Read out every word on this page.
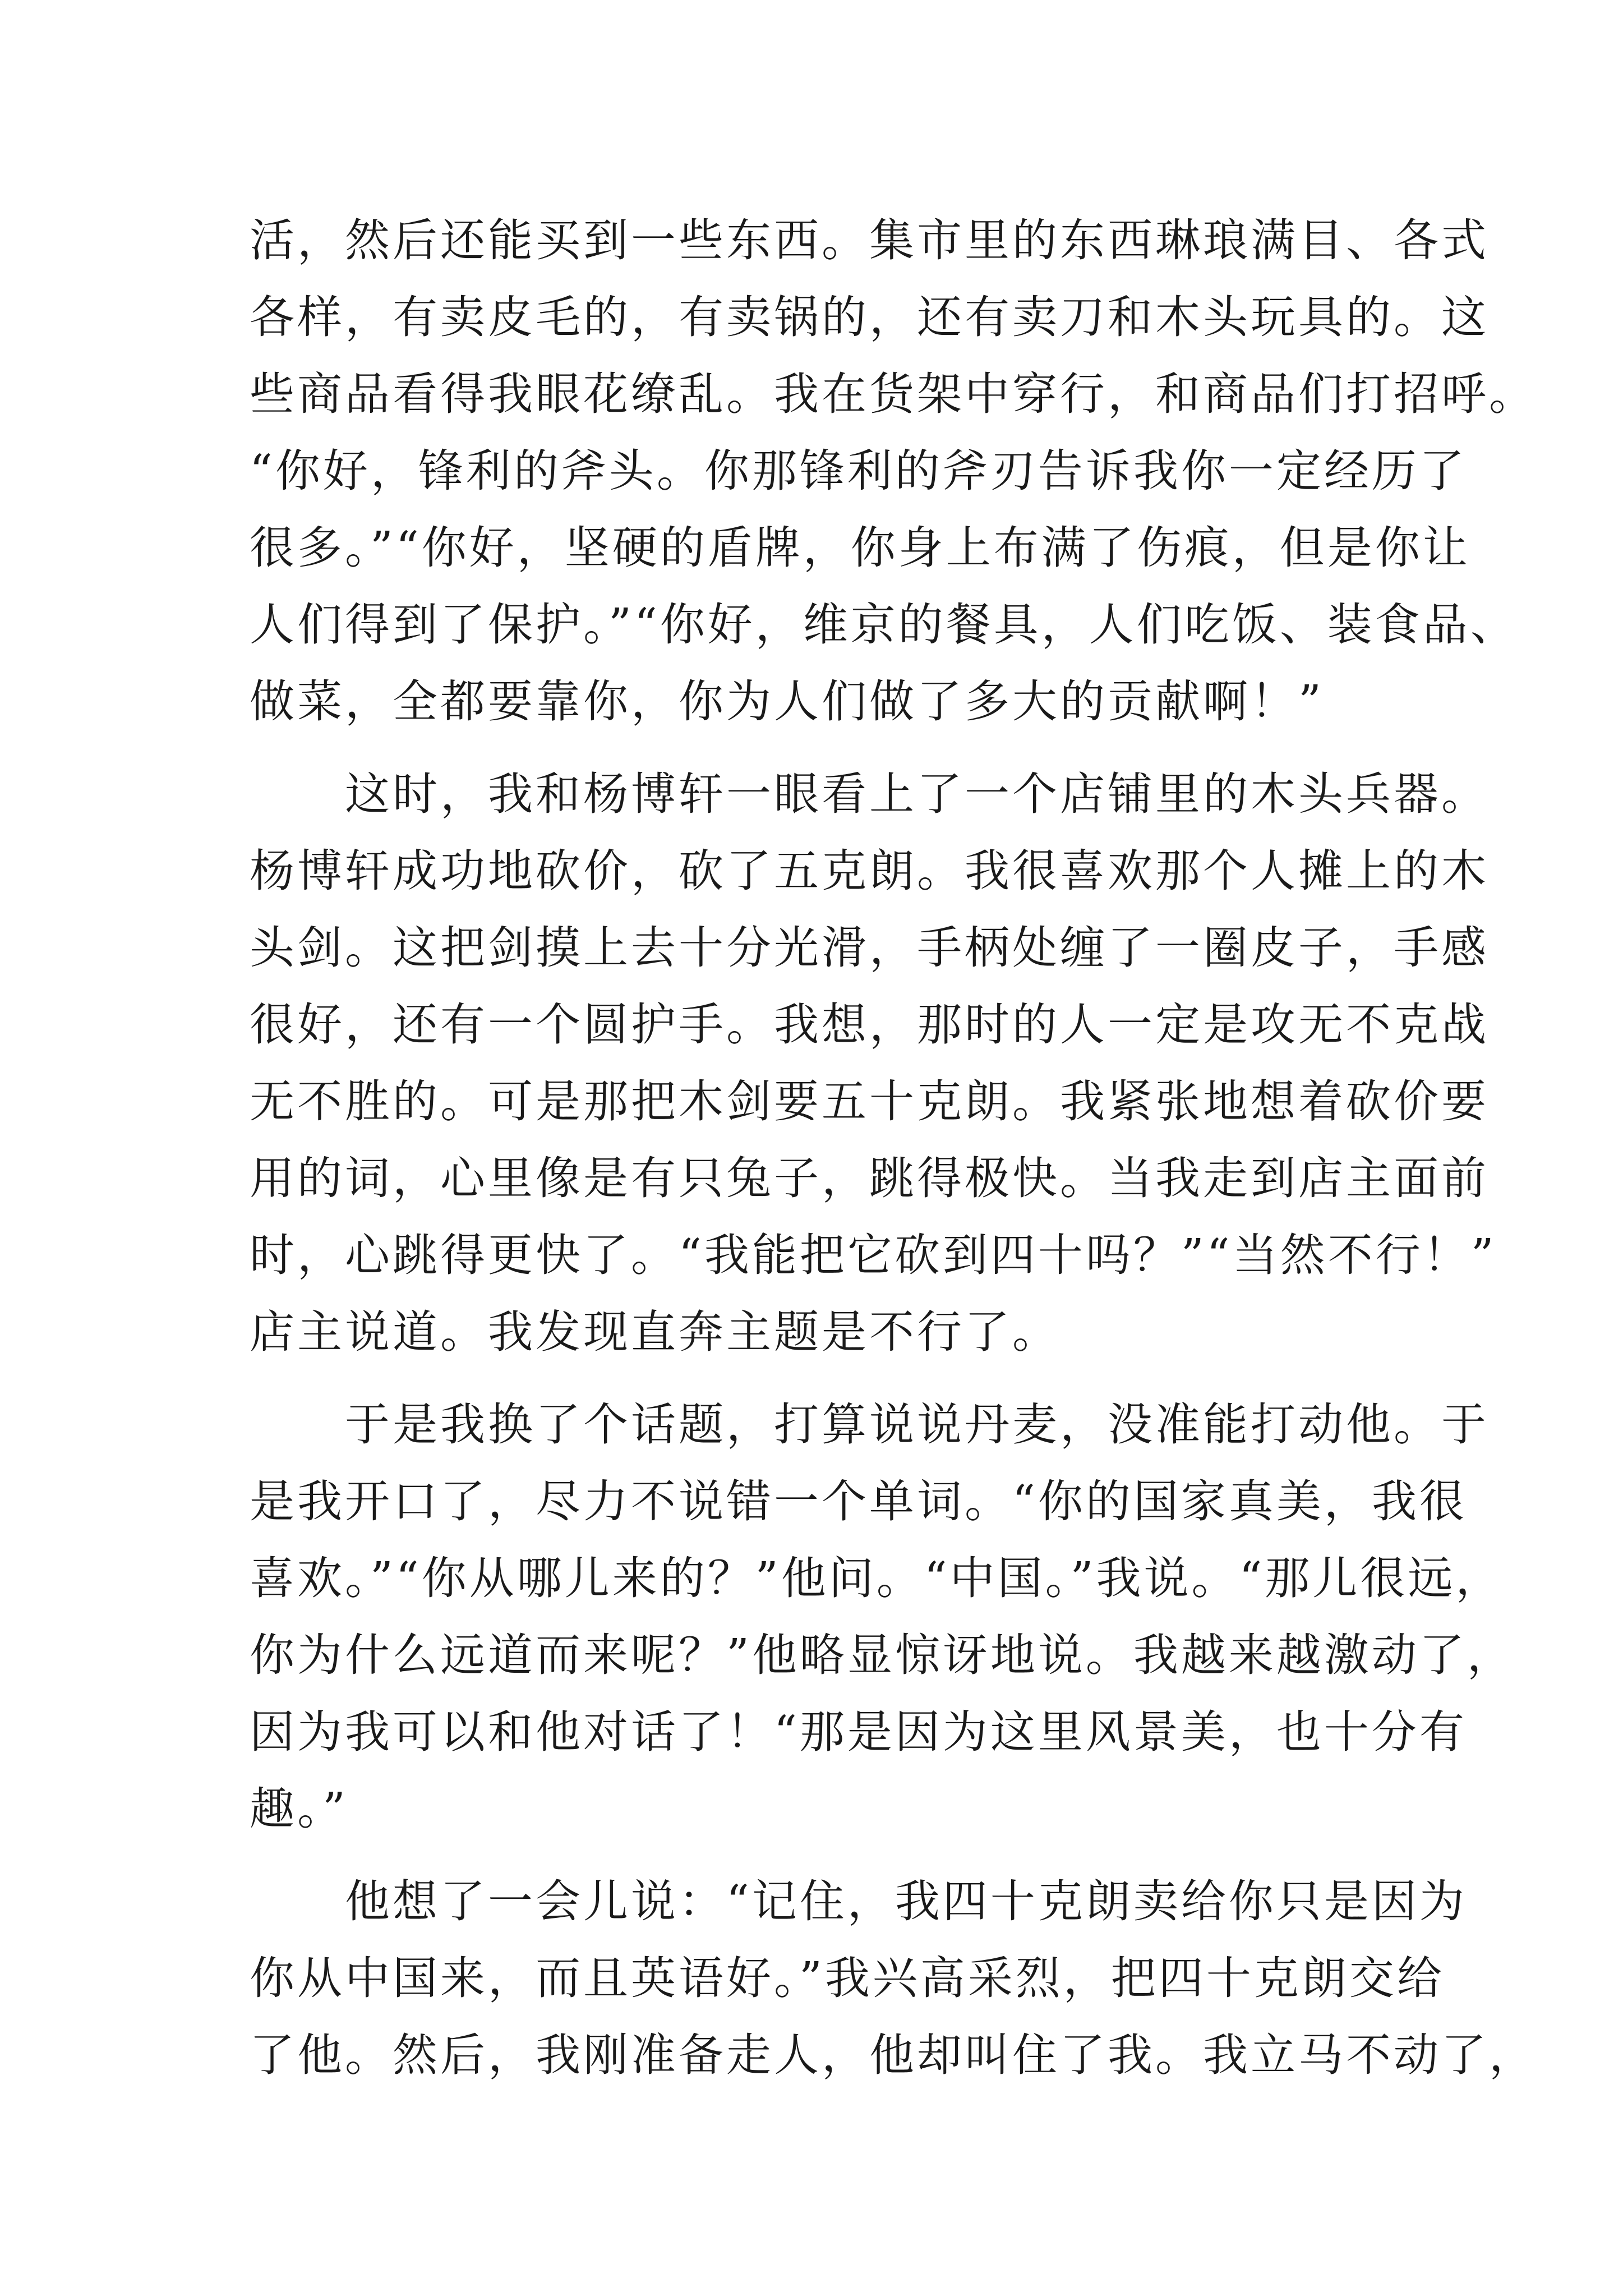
活，然后还能买到一些东西。集市里的东西琳琅满目、各式
各样，有卖皮毛的，有卖锅的，还有卖刀和木头玩具的。这
些商品看得我眼花缭乱。我在货架中穿行，和商品们打招呼。
“你好，锋利的斧头。你那锋利的斧刃告诉我你一定经历了
很多。”“你好，坚硬的盾牌，你身上布满了伤痕，但是你让
人们得到了保护。”“你好，维京的餐具，人们吃饭、装食品、
做菜，全都要靠你，你为人们做了多大的贡献啊！”
　　这时，我和杨博轩一眼看上了一个店铺里的木头兵器。
杨博轩成功地砍价，砍了五克朗。我很喜欢那个人摊上的木
头剑。这把剑摸上去十分光滑，手柄处缠了一圈皮子，手感
很好，还有一个圆护手。我想，那时的人一定是攻无不克战
无不胜的。可是那把木剑要五十克朗。我紧张地想着砍价要
用的词，心里像是有只兔子，跳得极快。当我走到店主面前
时，心跳得更快了。“我能把它砍到四十吗？”“当然不行！”
店主说道。我发现直奔主题是不行了。
　　于是我换了个话题，打算说说丹麦，没准能打动他。于
是我开口了，尽力不说错一个单词。“你的国家真美，我很
喜欢。”“你从哪儿来的？”他问。“中国。”我说。“那儿很远，
你为什么远道而来呢？”他略显惊讶地说。我越来越激动了，
因为我可以和他对话了！“那是因为这里风景美，也十分有
趣。”
　　他想了一会儿说：“记住，我四十克朗卖给你只是因为
你从中国来，而且英语好。”我兴高采烈，把四十克朗交给
了他。然后，我刚准备走人，他却叫住了我。我立马不动了，
